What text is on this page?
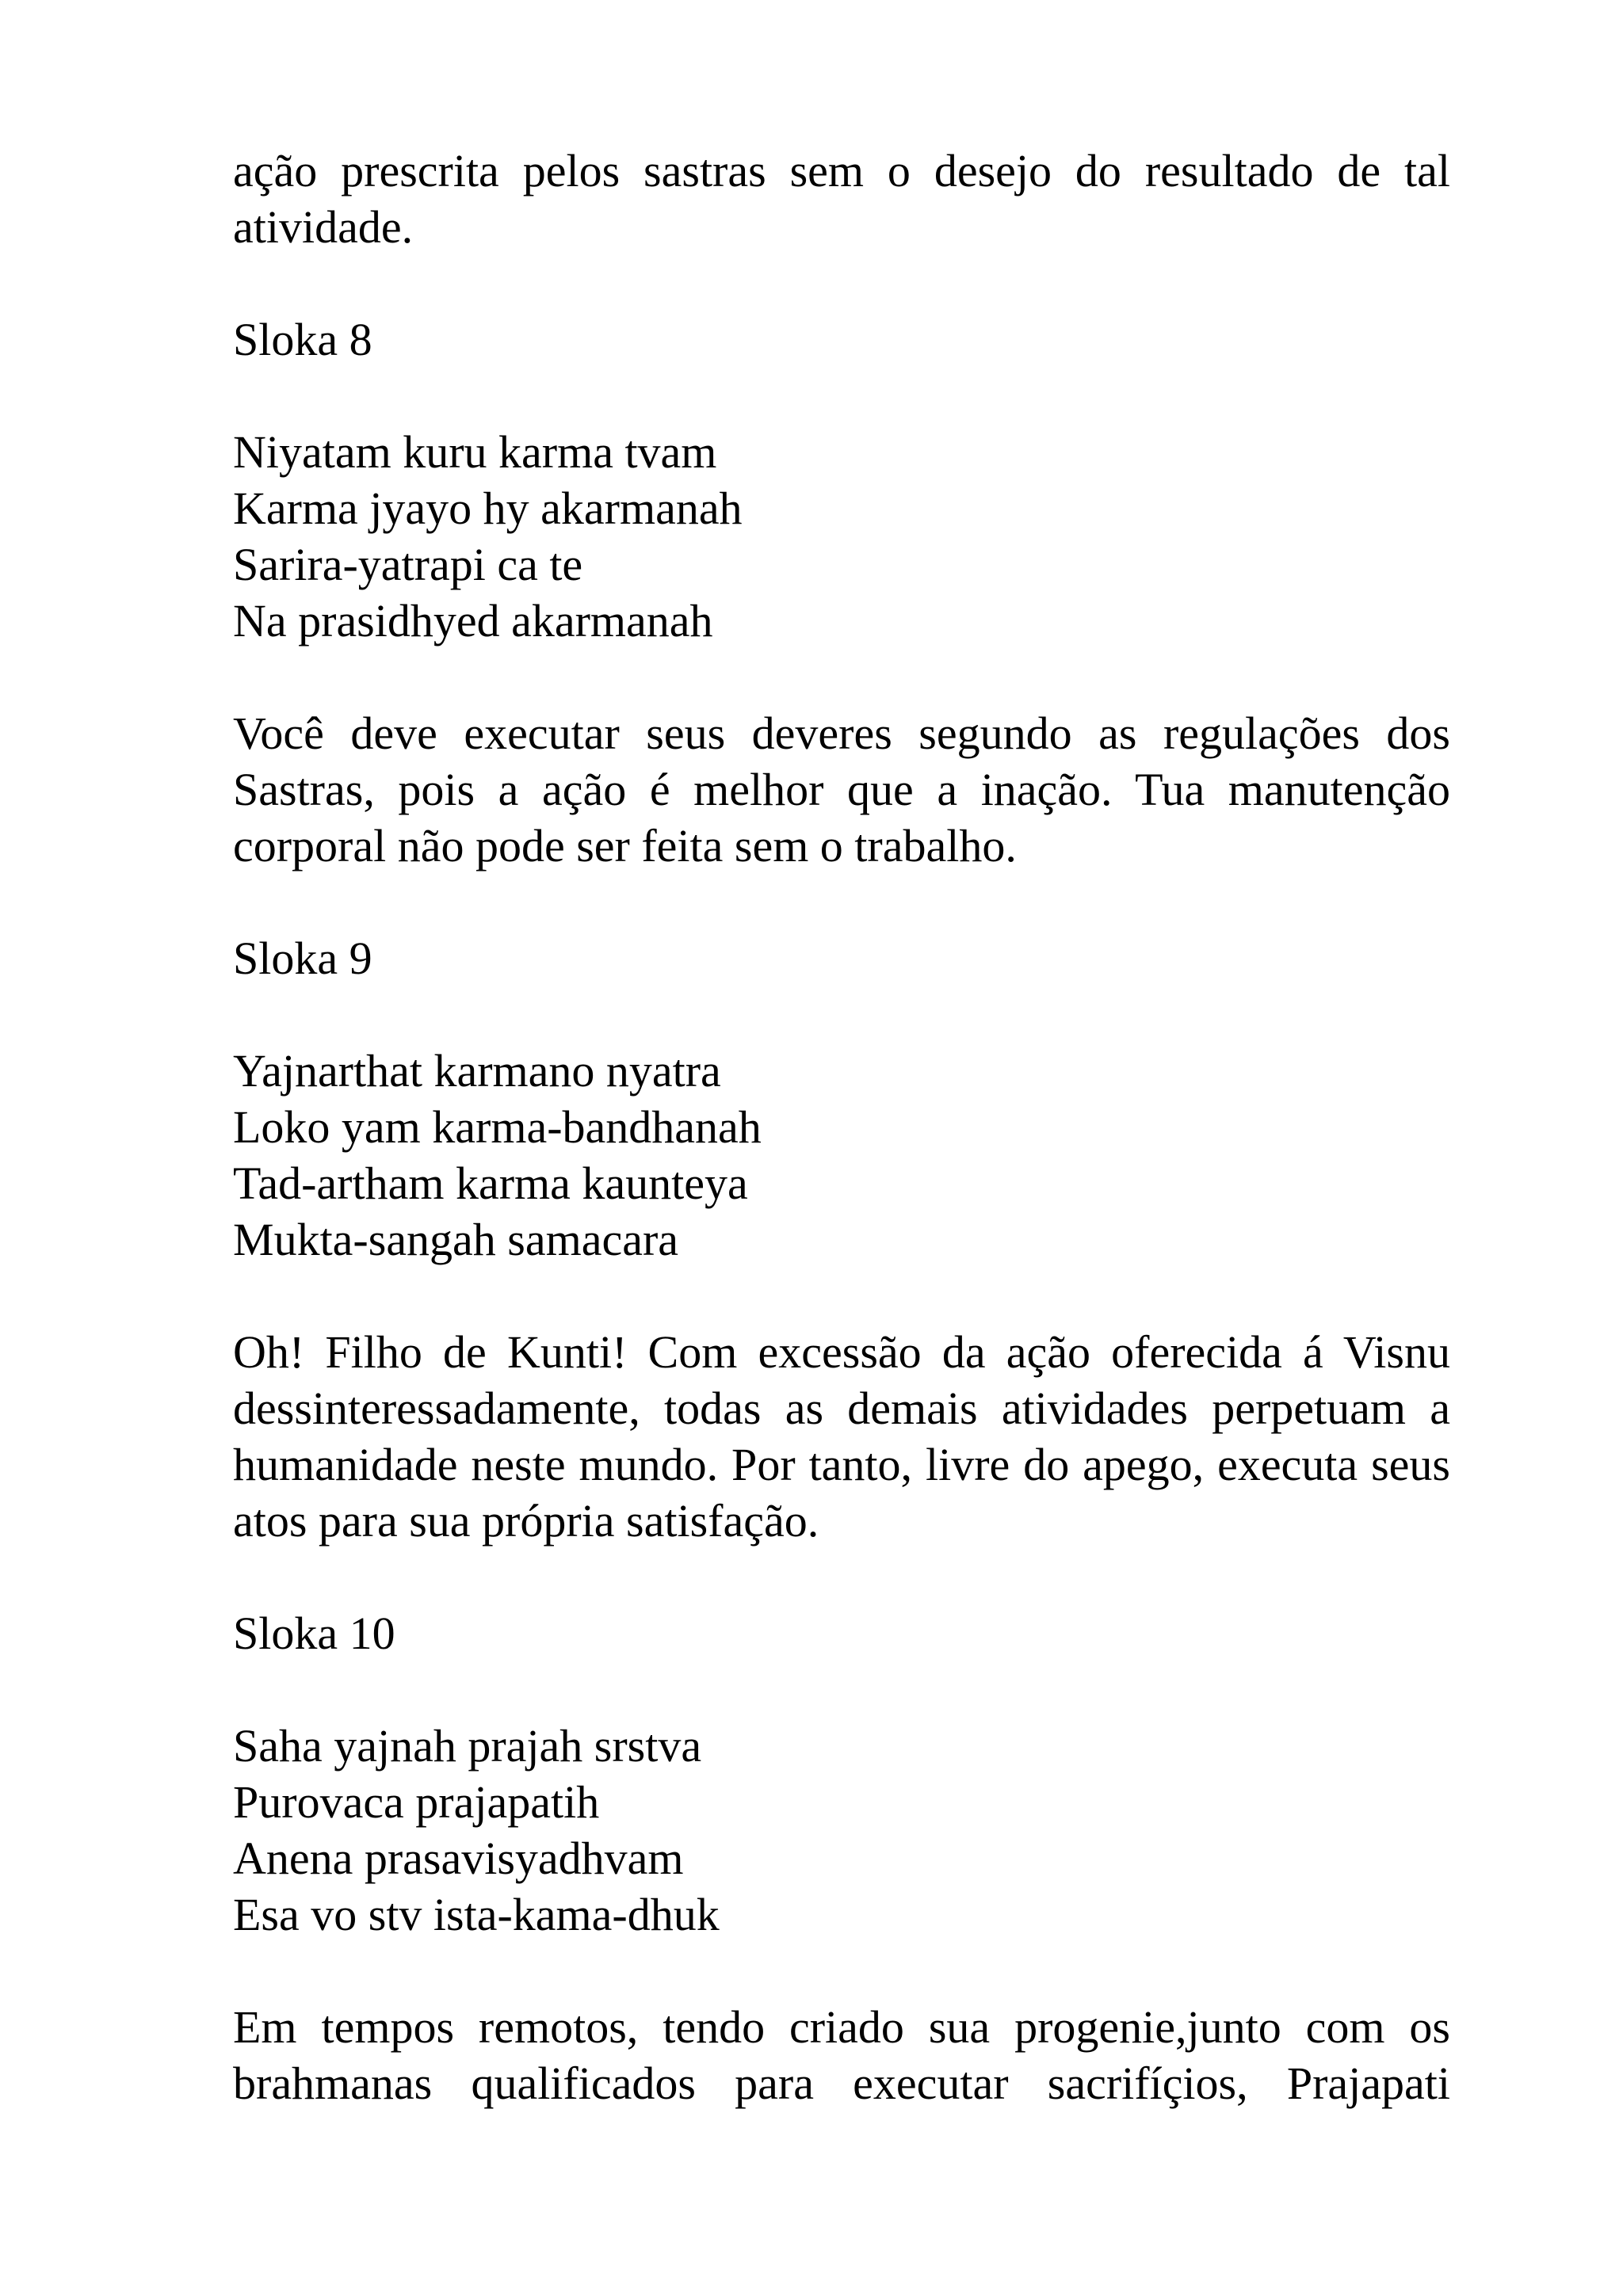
ação prescrita pelos sastras sem o desejo do resultado de tal atividade.

Sloka 8
Niyatam kuru karma tvam
Karma jyayo hy akarmanah
Sarira-yatrapi ca te
Na prasidhyed akarmanah

Você deve executar seus deveres segundo as regulações dos Sastras, pois a ação é melhor que a inação. Tua manutenção corporal não pode ser feita sem o trabalho.

Sloka 9
Yajnarthat karmano nyatra
Loko yam karma-bandhanah
Tad-artham karma kaunteya
Mukta-sangah samacara

Oh! Filho de Kunti! Com excessão da ação oferecida á Visnu dessinteressadamente, todas as demais atividades perpetuam a humanidade neste mundo. Por tanto, livre do apego, executa seus atos para sua própria satisfação.

Sloka 10
Saha yajnah prajah srstva
Purovaca prajapatih
Anena prasavisyadhvam
Esa vo stv ista-kama-dhuk

Em tempos remotos, tendo criado sua progenie,junto com os brahmanas qualificados para executar sacrifíçios, Prajapati
